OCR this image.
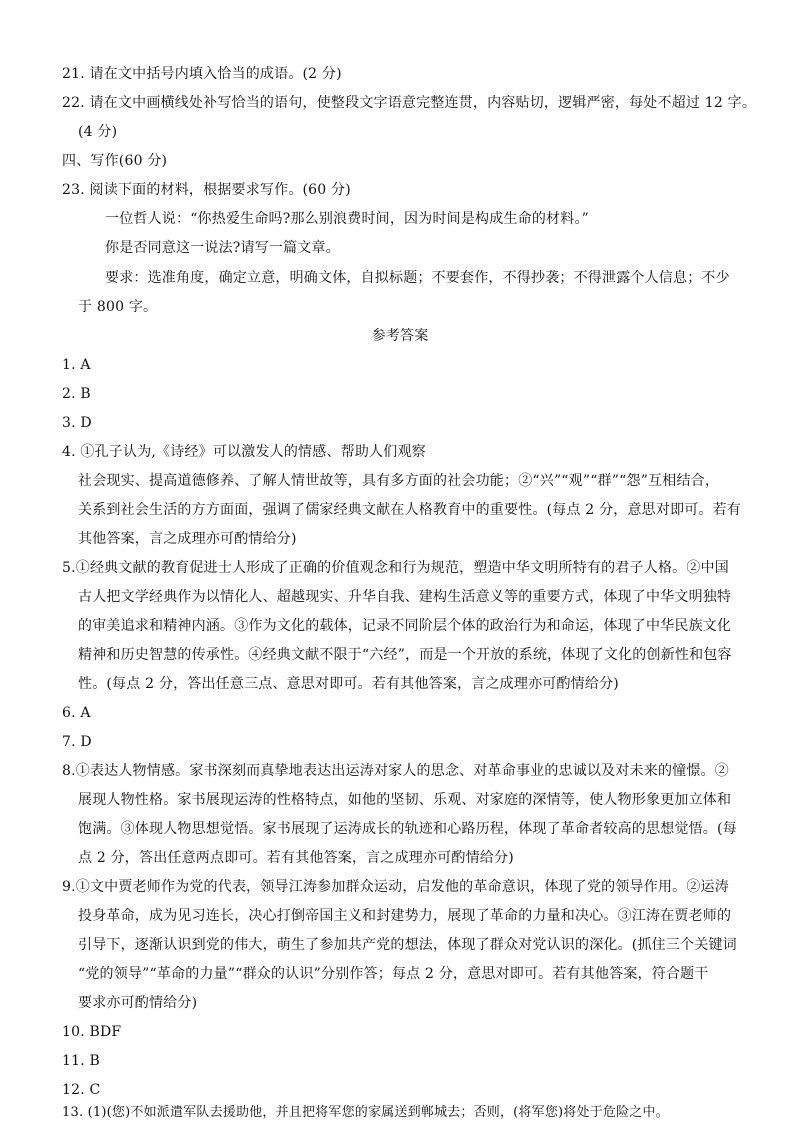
21. 请在文中括号内填入恰当的成语。(2 分)
22. 请在文中画横线处补写恰当的语句，使整段文字语意完整连贯，内容贴切，逻辑严密，每处不超过 12 字。
(4 分)
四、写作(60 分)
23. 阅读下面的材料，根据要求写作。(60 分)
一位哲人说：“你热爱生命吗?那么别浪费时间，因为时间是构成生命的材料。”
你是否同意这一说法?请写一篇文章。
要求：选准角度，确定立意，明确文体，自拟标题；不要套作，不得抄袭；不得泄露个人信息；不少
于 800 字。
参考答案
1. A
2. B
3. D
4. ①孔子认为,《诗经》可以激发人的情感、帮助人们观察
社会现实、提高道德修养、了解人情世故等，具有多方面的社会功能；②“兴”“观”“群”“怨”互相结合，
关系到社会生活的方方面面，强调了儒家经典文献在人格教育中的重要性。(每点 2 分，意思对即可。若有
其他答案，言之成理亦可酌情给分)
5.①经典文献的教育促进士人形成了正确的价值观念和行为规范，塑造中华文明所特有的君子人格。②中国
古人把文学经典作为以情化人、超越现实、升华自我、建构生活意义等的重要方式，体现了中华文明独特
的审美追求和精神内涵。③作为文化的载体，记录不同阶层个体的政治行为和命运，体现了中华民族文化
精神和历史智慧的传承性。④经典文献不限于“六经”，而是一个开放的系统，体现了文化的创新性和包容
性。(每点 2 分，答出任意三点、意思对即可。若有其他答案，言之成理亦可酌情给分)
6. A
7. D
8.①表达人物情感。家书深刻而真挚地表达出运涛对家人的思念、对革命事业的忠诚以及对未来的憧憬。②
展现人物性格。家书展现运涛的性格特点，如他的坚韧、乐观、对家庭的深情等，使人物形象更加立体和
饱满。③体现人物思想觉悟。家书展现了运涛成长的轨迹和心路历程，体现了革命者较高的思想觉悟。(每
点 2 分，答出任意两点即可。若有其他答案，言之成理亦可酌情给分)
9.①文中贾老师作为党的代表，领导江涛参加群众运动，启发他的革命意识，体现了党的领导作用。②运涛
投身革命，成为见习连长，决心打倒帝国主义和封建势力，展现了革命的力量和决心。③江涛在贾老师的
引导下，逐渐认识到党的伟大，萌生了参加共产党的想法，体现了群众对党认识的深化。(抓住三个关键词
“党的领导”“革命的力量”“群众的认识”分别作答；每点 2 分，意思对即可。若有其他答案，符合题干
要求亦可酌情给分)
10. BDF
11. B
12. C
13. (1)(您)不如派遣军队去援助他，并且把将军您的家属送到郸城去；否则，(将军您)将处于危险之中。
